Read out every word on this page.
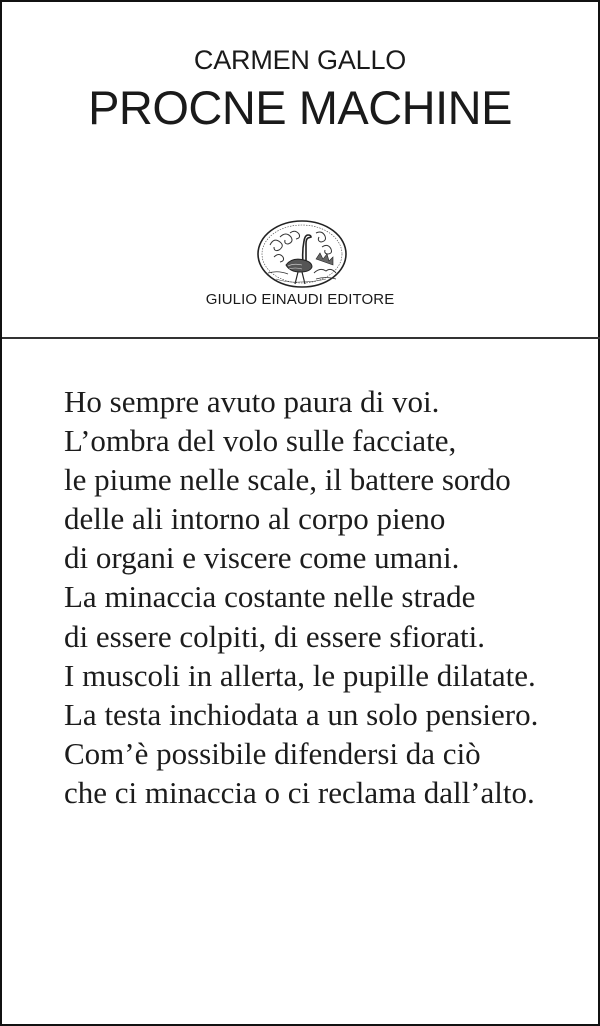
CARMEN GALLO
PROCNE MACHINE
GIULIO EINAUDI EDITORE
Ho sempre avuto paura di voi.
L’ombra del volo sulle facciate,
le piume nelle scale, il battere sordo
delle ali intorno al corpo pieno
di organi e viscere come umani.
La minaccia costante nelle strade
di essere colpiti, di essere sfiorati.
I muscoli in allerta, le pupille dilatate.
La testa inchiodata a un solo pensiero.
Com’è possibile difendersi da ciò
che ci minaccia o ci reclama dall’alto.
